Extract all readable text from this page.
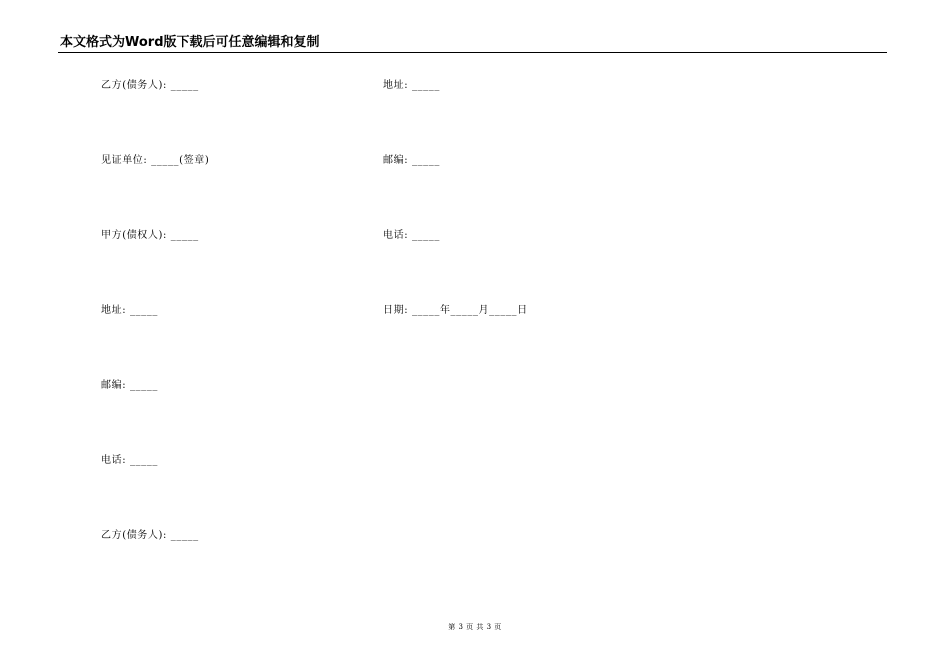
本文格式为Word版下载后可任意编辑和复制
乙方(债务人): _____
见证单位: _____(签章)
甲方(债权人): _____
地址: _____
邮编: _____
电话: _____
乙方(债务人): _____
地址: _____
邮编: _____
电话: _____
日期: _____年_____月_____日
第 3 页 共 3 页
